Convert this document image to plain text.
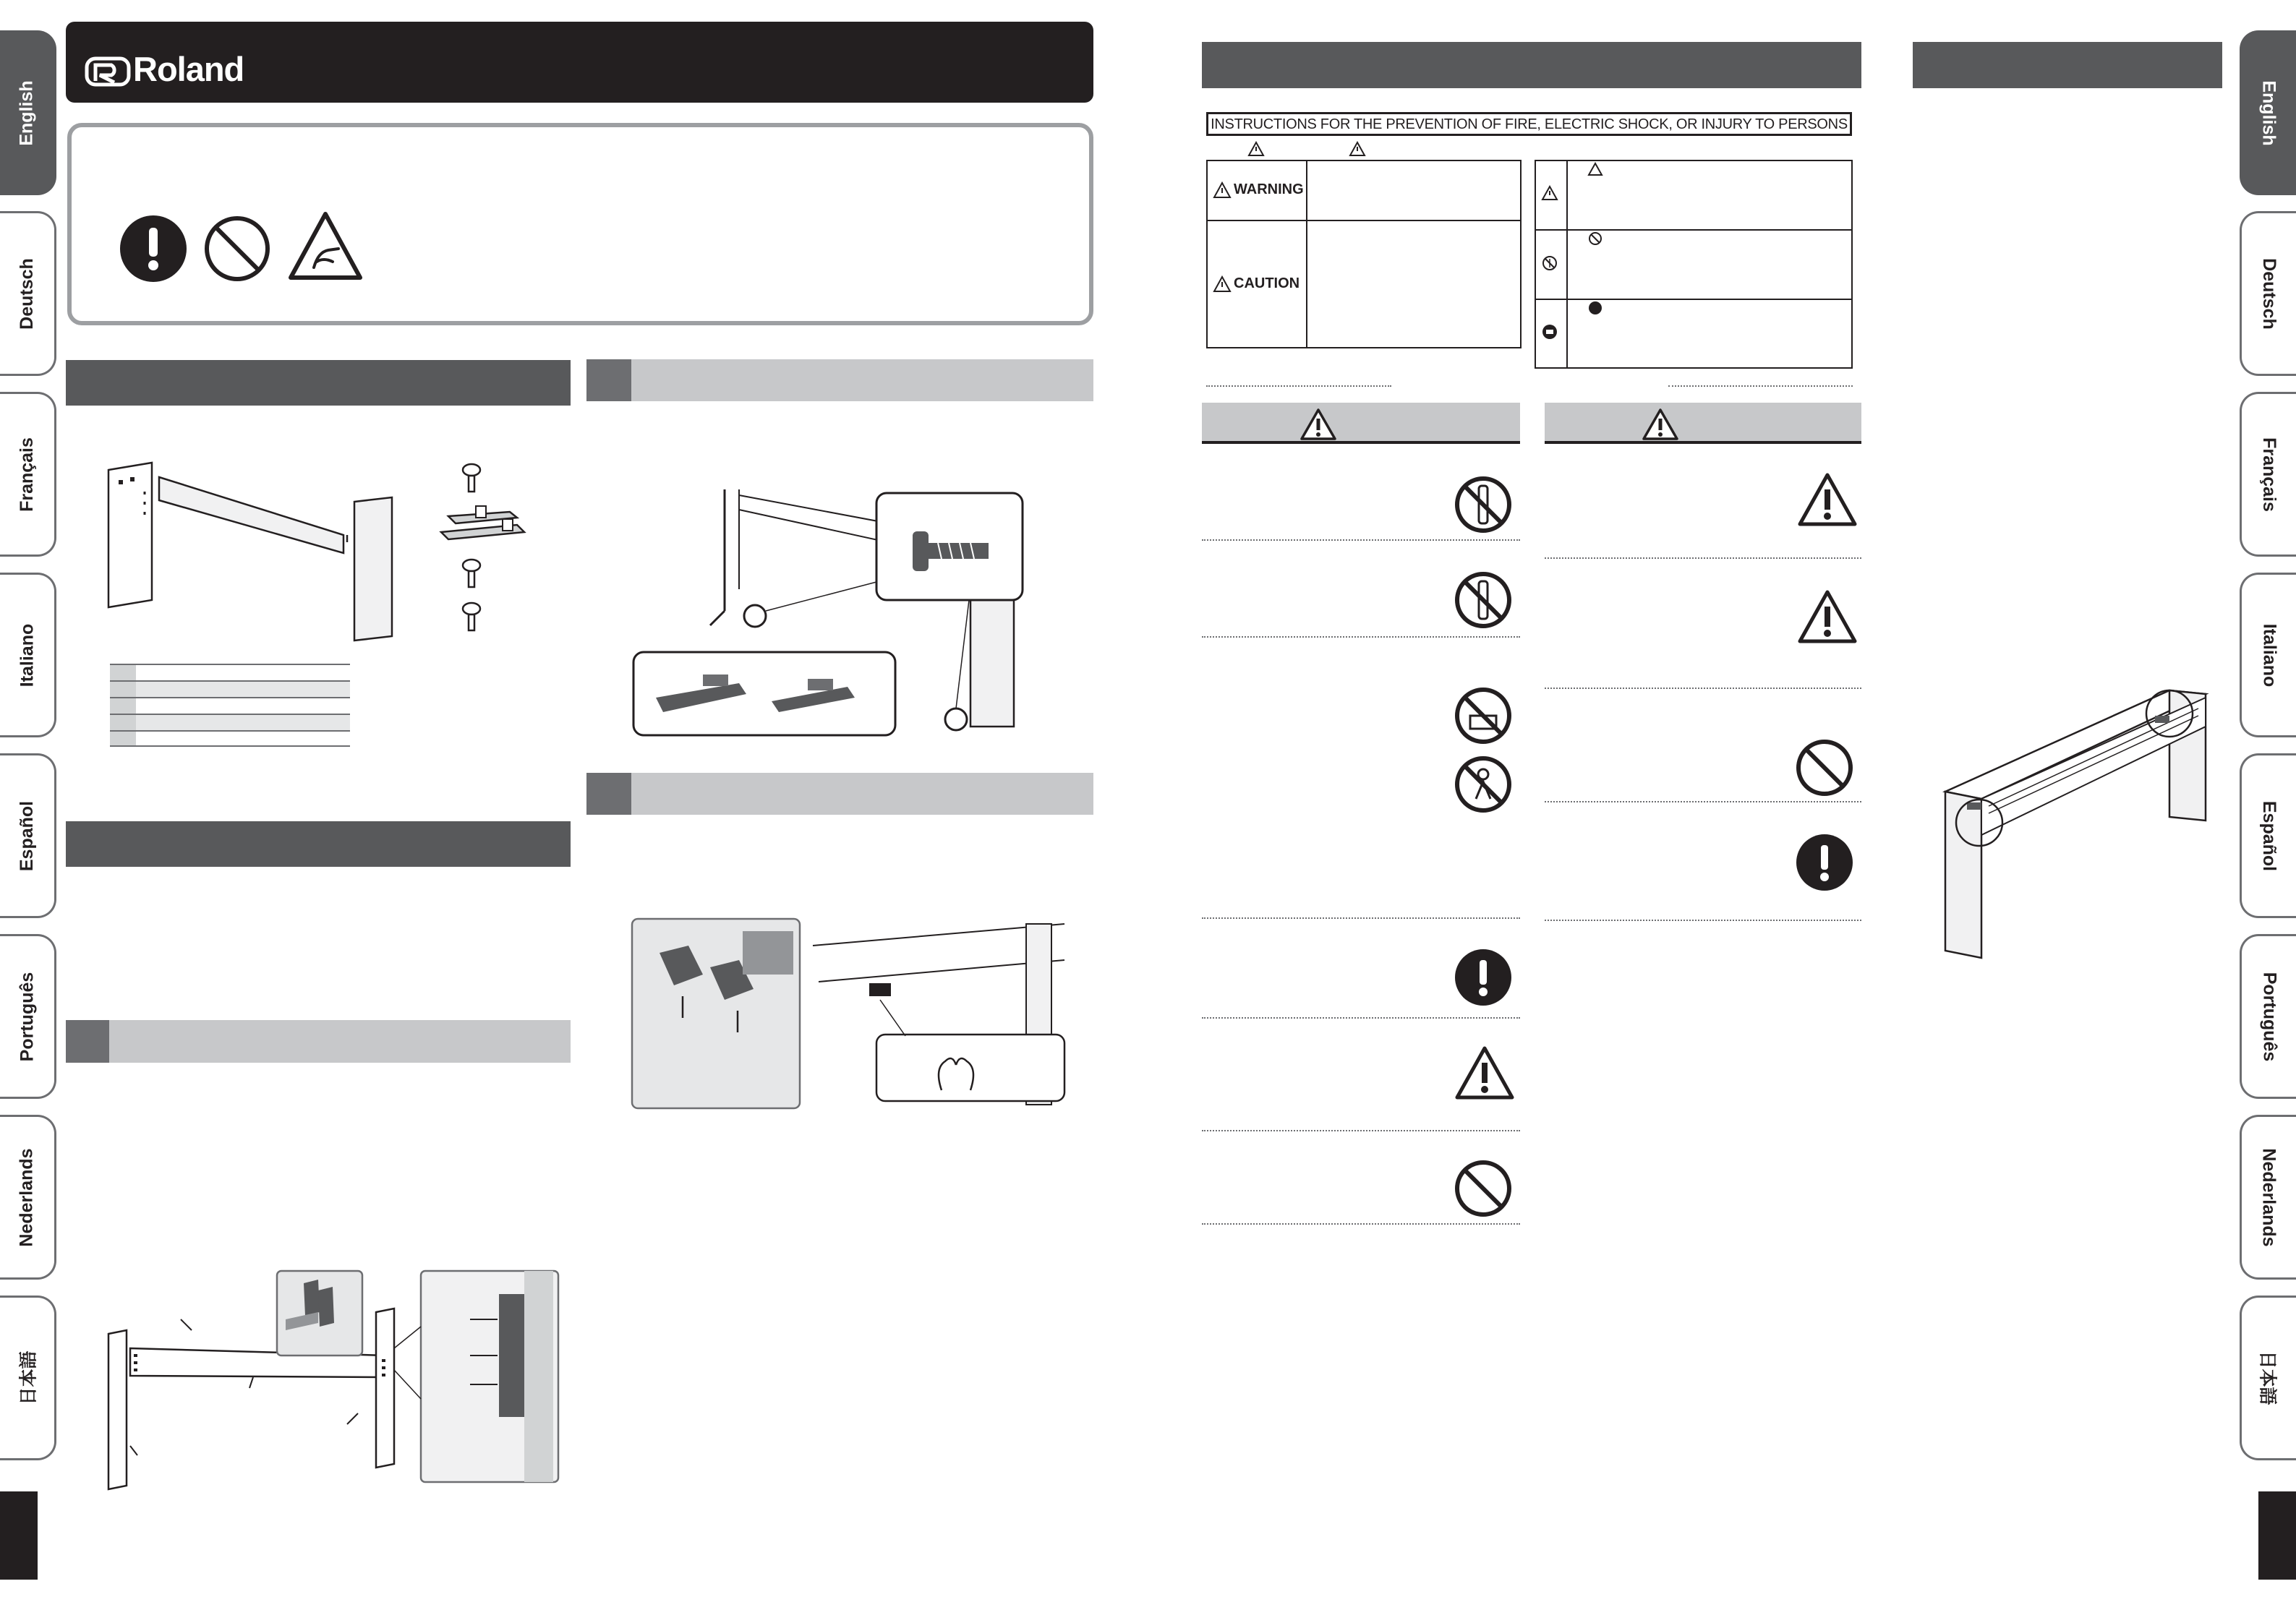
English
Deutsch
Français
Italiano
Español
Português
Nederlands
日本語
English
Deutsch
Français
Italiano
Español
Português
Nederlands
日本語
Roland
INSTRUCTIONS FOR THE PREVENTION OF FIRE, ELECTRIC SHOCK, OR INJURY TO PERSONS
WARNING
CAUTION
